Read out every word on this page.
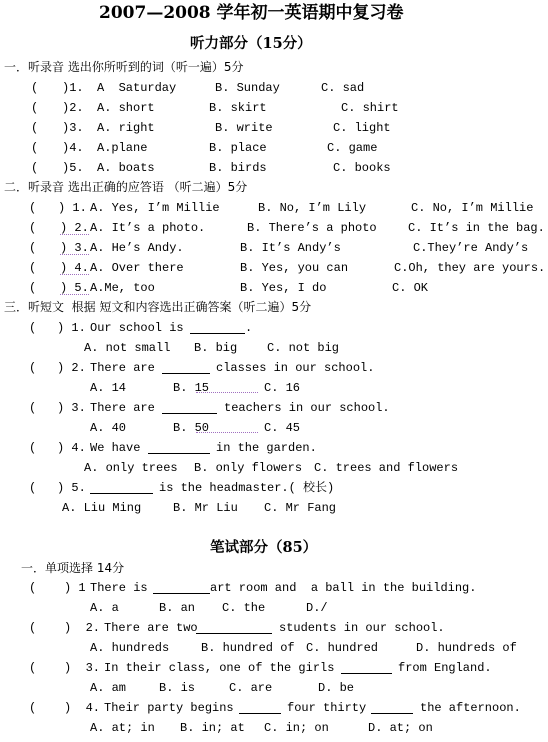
2007—2008 学年初一英语期中复习卷
听力部分（15分）
一．听录音 选出你所听到的词（听一遍）5分
( )1. A  Saturday	B. Sunday	C. sad
( )2. A. short	B. skirt	C. shirt
( )3. A. right	B. write	C. light
( )4. A.plane	B. place	C. game
( )5. A. boats	B. birds	C. books
二．听录音 选出正确的应答语 （听二遍）5分
( ) 1. A. Yes, I’m Millie	B. No, I’m Lily	C. No, I’m Millie
( ) 2. A. It’s a photo.	B. There’s a photo	C. It’s in the bag.
( ) 3. A. He’s Andy.	B. It’s Andy’s	C.They’re Andy’s
( ) 4. A. Over there	B. Yes, you can	C.Oh, they are yours.
( ) 5. A.Me, too	B. Yes, I do	C. OK
三．听短文  根据 短文和内容选出正确答案（听二遍）5分
( ) 1. Our school is	.
A. not small B. big C. not big
( ) 2. There are	classes in our school.
A. 14	B. 15	C. 16
( ) 3. There are	teachers in our school.
A. 40	B. 50	C. 45
( ) 4. We have	in the garden.
A. only trees B. only flowers C. trees and flowers
( ) 5.	is the headmaster.( 校长)
A. Liu Ming	B. Mr Liu C. Mr Fang
笔试部分（85）
一．单项选择 14分
( ) 1 There is	art room and  a ball in the building.
A. a	B. an C. the	D./
( )  2. There are two	students in our school.
A. hundreds	B. hundred of C. hundred	D. hundreds of
( )  3. In their class, one of the girls	from England.
A. am	B. is	C. are	D. be
( )  4. Their party begins	four thirty	the afternoon.
A. at; in B. in; at C. in; on	D. at; on
